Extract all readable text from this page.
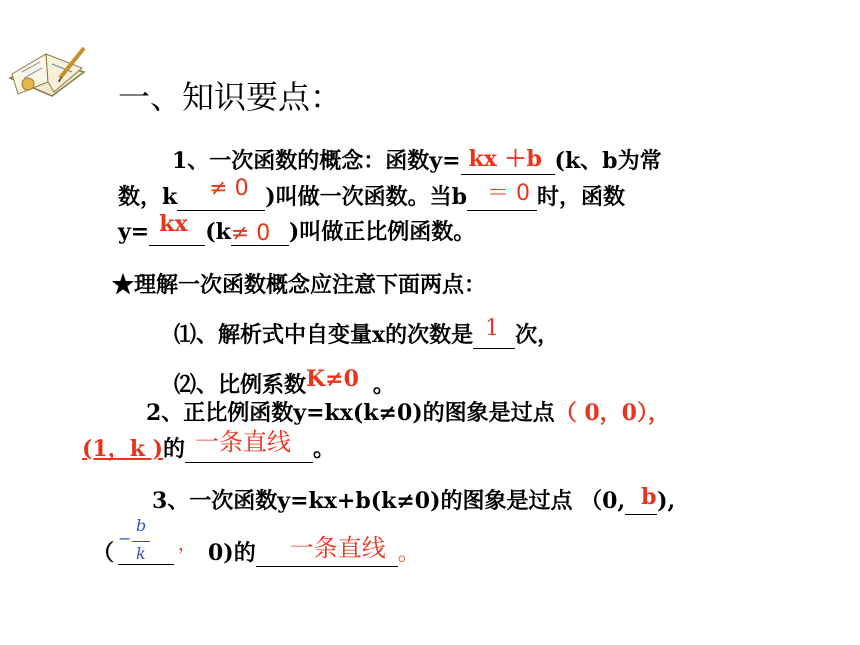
一、知识要点：
1、一次函数的概念：函数y= kx ＋b (k、b为常
数，k ≠ 0 )叫做一次函数。当b ＝ 0 时，函数
y= kx (k ≠ 0 )叫做正比例函数。
★理解一次函数概念应注意下面两点：
⑴、解析式中自变量x的次数是 1 次，
⑵、比例系数K≠0 。
2、正比例函数y=kx(k≠0)的图象是过点（ 0，0），
(1，k )的 一条直线 。
3、一次函数y=kx+b(k≠0)的图象是过点 （0, b ),
（
−
b
k ， 0)的 一条直线 。
